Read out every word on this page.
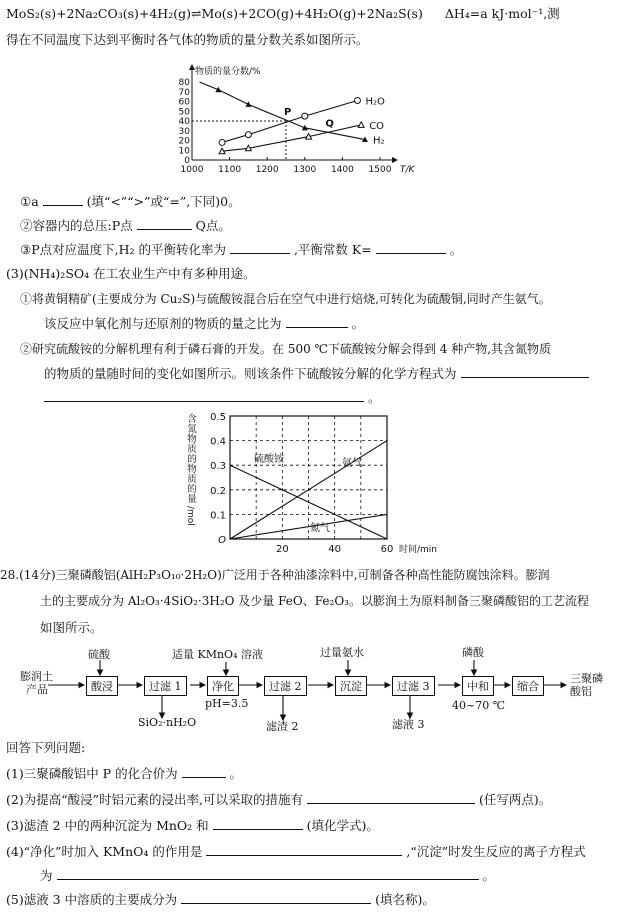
MoS₂(s)+2Na₂CO₃(s)+4H₂(g)⇌Mo(s)+2CO(g)+4H₂O(g)+2Na₂S(s) ΔH₄=a kJ·mol⁻¹,测
得在不同温度下达到平衡时各气体的物质的量分数关系如图所示。
1000 1100 1200 1300 1400 1500
0
10
20
30
40
50
60
70
80
物质的量分数/%
T/K
H₂O
CO
H₂
P
Q
①a	(填“<”“>”或“=”,下同)0。
②容器内的总压:P点	Q点。
③P点对应温度下,H₂ 的平衡转化率为	,平衡常数 K=	。
(3)(NH₄)₂SO₄ 在工农业生产中有多种用途。
①将黄铜精矿(主要成分为 Cu₂S)与硫酸铵混合后在空气中进行焙烧,可转化为硫酸铜,同时产生氨气。
该反应中氧化剂与还原剂的物质的量之比为	。
②研究硫酸铵的分解机理有利于磷石膏的开发。在 500 ℃下硫酸铵分解会得到 4 种产物,其含氮物质
的物质的量随时间的变化如图所示。则该条件下硫酸铵分解的化学方程式为
。
0.1
0.2
0.3
0.4
0.5
O
20	40	60 时间/min
含
氮
物
质
的
物
质
的
量
/mol
硫酸铵	氨气
氮气
28.(14分)三聚磷酸铝(AlH₂P₃O₁₀·2H₂O)广泛用于各种油漆涂料中,可制备各种高性能防腐蚀涂料。膨润
土的主要成分为 Al₂O₃·4SiO₂·3H₂O 及少量 FeO、Fe₂O₃。以膨润土为原料制备三聚磷酸铝的工艺流程
如图所示。
膨润土
产品	酸浸	过滤 1	净化	过滤 2	沉淀	过滤 3	中和	缩合
硫酸	适量 KMnO₄ 溶液	过量氨水	磷酸
SiO₂·nH₂O	滤渣 2	滤液 3
pH=3.5	40~70 ℃
三聚磷
酸铝
回答下列问题:
(1)三聚磷酸铝中 P 的化合价为	。
(2)为提高“酸浸”时铝元素的浸出率,可以采取的措施有	(任写两点)。
(3)滤渣 2 中的两种沉淀为 MnO₂ 和	(填化学式)。
(4)“净化”时加入 KMnO₄ 的作用是	,“沉淀”时发生反应的离子方程式
为	。
(5)滤液 3 中溶质的主要成分为	(填名称)。
